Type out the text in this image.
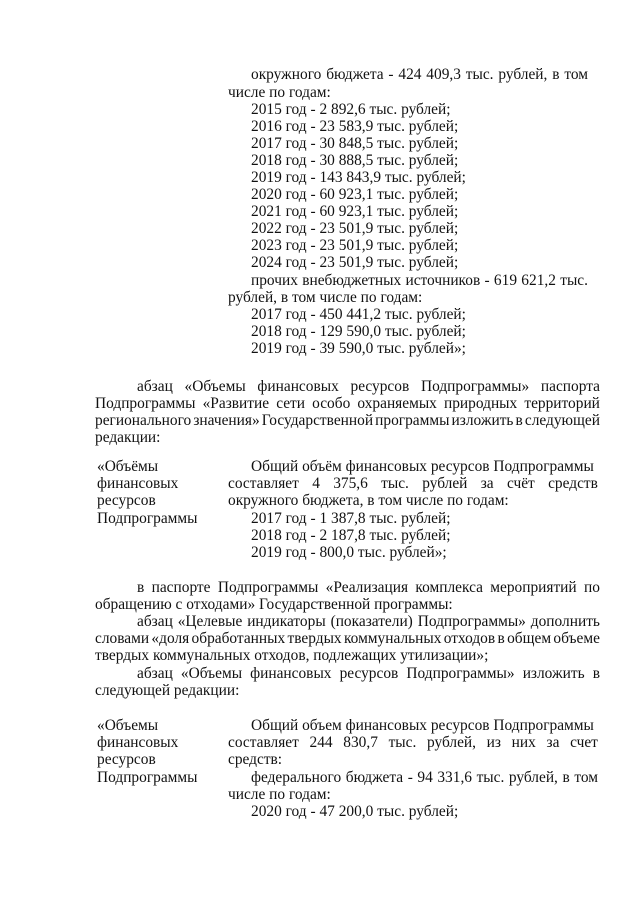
окружного бюджета - 424 409,3 тыс. рублей, в том
числе по годам:
2015 год - 2 892,6 тыс. рублей;
2016 год - 23 583,9 тыс. рублей;
2017 год - 30 848,5 тыс. рублей;
2018 год - 30 888,5 тыс. рублей;
2019 год - 143 843,9 тыс. рублей;
2020 год - 60 923,1 тыс. рублей;
2021 год - 60 923,1 тыс. рублей;
2022 год - 23 501,9 тыс. рублей;
2023 год - 23 501,9 тыс. рублей;
2024 год - 23 501,9 тыс. рублей;
прочих внебюджетных источников - 619 621,2 тыс.
рублей, в том числе по годам:
2017 год - 450 441,2 тыс. рублей;
2018 год - 129 590,0 тыс. рублей;
2019 год - 39 590,0 тыс. рублей»;
абзац «Объемы финансовых ресурсов Подпрограммы» паспорта
Подпрограммы «Развитие сети особо охраняемых природных территорий
регионального значения» Государственной программы изложить в следующей
редакции:
«Объёмы
финансовых
ресурсов
Подпрограммы
Общий объём финансовых ресурсов Подпрограммы
составляет 4 375,6 тыс. рублей за счёт средств
окружного бюджета, в том числе по годам:
2017 год - 1 387,8 тыс. рублей;
2018 год - 2 187,8 тыс. рублей;
2019 год - 800,0 тыс. рублей»;
в паспорте Подпрограммы «Реализация комплекса мероприятий по
обращению с отходами» Государственной программы:
абзац «Целевые индикаторы (показатели) Подпрограммы» дополнить
словами «доля обработанных твердых коммунальных отходов в общем объеме
твердых коммунальных отходов, подлежащих утилизации»;
абзац «Объемы финансовых ресурсов Подпрограммы» изложить в
следующей редакции:
«Объемы
финансовых
ресурсов
Подпрограммы
Общий объем финансовых ресурсов Подпрограммы
составляет 244 830,7 тыс. рублей, из них за счет
средств:
федерального бюджета - 94 331,6 тыс. рублей, в том
числе по годам:
2020 год - 47 200,0 тыс. рублей;
